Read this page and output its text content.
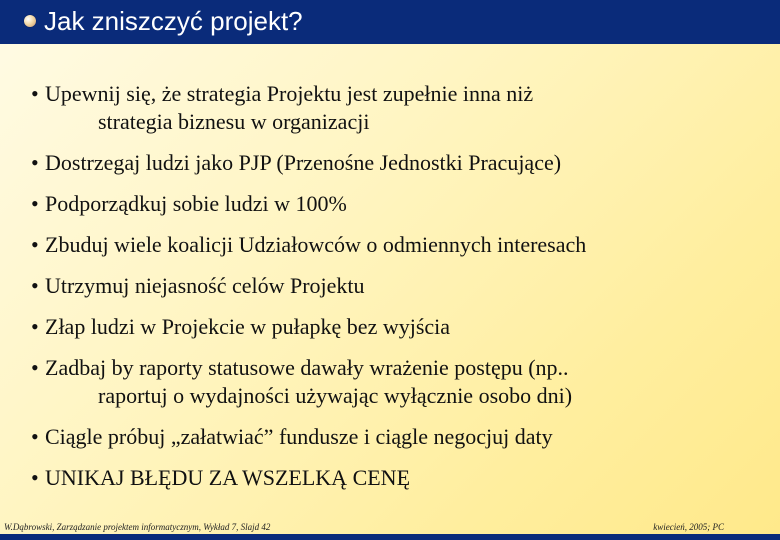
Jak zniszczyć projekt?
• Upewnij się, że strategia Projektu jest zupełnie inna niż
strategia biznesu w organizacji
• Dostrzegaj ludzi jako PJP (Przenośne Jednostki Pracujące)
• Podporządkuj sobie ludzi w 100%
• Zbuduj wiele koalicji Udziałowców o odmiennych interesach
• Utrzymuj niejasność celów Projektu
• Złap ludzi w Projekcie w pułapkę bez wyjścia
• Zadbaj by raporty statusowe dawały wrażenie postępu (np..
raportuj o wydajności używając wyłącznie osobo dni)
• Ciągle próbuj „załatwiać” fundusze i ciągle negocjuj daty
• UNIKAJ BŁĘDU ZA WSZELKĄ CENĘ
W.Dąbrowski, Zarządzanie projektem informatycznym, Wykład 7, Slajd 42	kwiecień, 2005; PC
